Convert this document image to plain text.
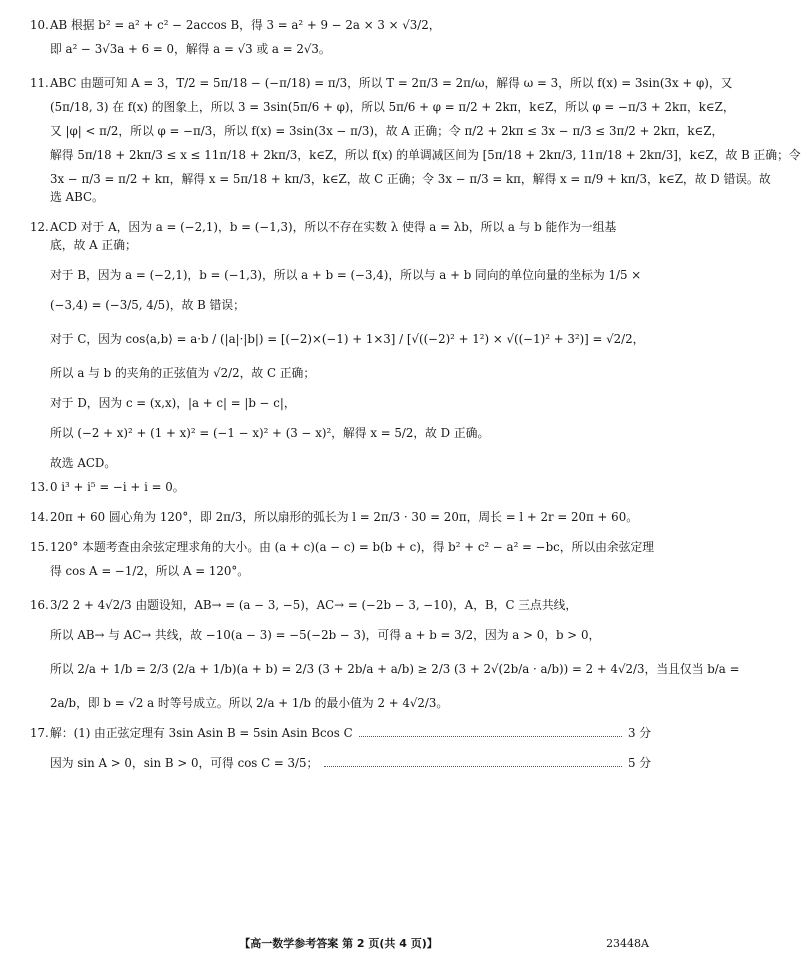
10.AB 根据 b² = a² + c² − 2accos B，得 3 = a² + 9 − 2a × 3 × √3/2，
即 a² − 3√3a + 6 = 0，解得 a = √3 或 a = 2√3。
11.ABC 由题可知 A = 3，T/2 = 5π/18 − (−π/18) = π/3，所以 T = 2π/3 = 2π/ω，解得 ω = 3，所以 f(x) = 3sin(3x + φ)，又
(5π/18, 3) 在 f(x) 的图象上，所以 3 = 3sin(5π/6 + φ)，所以 5π/6 + φ = π/2 + 2kπ，k∈Z，所以 φ = −π/3 + 2kπ，k∈Z，
又 |φ| < π/2，所以 φ = −π/3，所以 f(x) = 3sin(3x − π/3)，故 A 正确；令 π/2 + 2kπ ≤ 3x − π/3 ≤ 3π/2 + 2kπ，k∈Z，
解得 5π/18 + 2kπ/3 ≤ x ≤ 11π/18 + 2kπ/3，k∈Z，所以 f(x) 的单调减区间为 [5π/18 + 2kπ/3, 11π/18 + 2kπ/3]，k∈Z，故 B 正确；令
3x − π/3 = π/2 + kπ，解得 x = 5π/18 + kπ/3，k∈Z，故 C 正确；令 3x − π/3 = kπ，解得 x = π/9 + kπ/3，k∈Z，故 D 错误。故
选 ABC。
12.ACD 对于 A，因为 a = (−2,1)，b = (−1,3)，所以不存在实数 λ 使得 a = λb，所以 a 与 b 能作为一组基
底，故 A 正确；
对于 B，因为 a = (−2,1)，b = (−1,3)，所以 a + b = (−3,4)，所以与 a + b 同向的单位向量的坐标为 1/5 ×
(−3,4) = (−3/5, 4/5)，故 B 错误；
对于 C，因为 cos⟨a,b⟩ = a·b / (|a|·|b|) = [(−2)×(−1) + 1×3] / [√((−2)² + 1²) × √((−1)² + 3²)] = √2/2，
所以 a 与 b 的夹角的正弦值为 √2/2，故 C 正确；
对于 D，因为 c = (x,x)，|a + c| = |b − c|，
所以 (−2 + x)² + (1 + x)² = (−1 − x)² + (3 − x)²，解得 x = 5/2，故 D 正确。
故选 ACD。
13.0 i³ + i⁵ = −i + i = 0。
14.20π + 60 圆心角为 120°，即 2π/3，所以扇形的弧长为 l = 2π/3 · 30 = 20π，周长 = l + 2r = 20π + 60。
15.120° 本题考查由余弦定理求角的大小。由 (a + c)(a − c) = b(b + c)，得 b² + c² − a² = −bc，所以由余弦定理
得 cos A = −1/2，所以 A = 120°。
16.3/2 2 + 4√2/3 由题设知，AB→ = (a − 3, −5)，AC→ = (−2b − 3, −10)，A，B，C 三点共线，
所以 AB→ 与 AC→ 共线，故 −10(a − 3) = −5(−2b − 3)，可得 a + b = 3/2，因为 a > 0，b > 0，
所以 2/a + 1/b = 2/3 (2/a + 1/b)(a + b) = 2/3 (3 + 2b/a + a/b) ≥ 2/3 (3 + 2√(2b/a · a/b)) = 2 + 4√2/3，当且仅当 b/a =
2a/b，即 b = √2 a 时等号成立。所以 2/a + 1/b 的最小值为 2 + 4√2/3。
17.解：(1) 由正弦定理有 3sin Asin B = 5sin Asin Bcos C	3 分
因为 sin A > 0，sin B > 0，可得 cos C = 3/5；	5 分
【高一数学参考答案 第 2 页(共 4 页)】	23448A
